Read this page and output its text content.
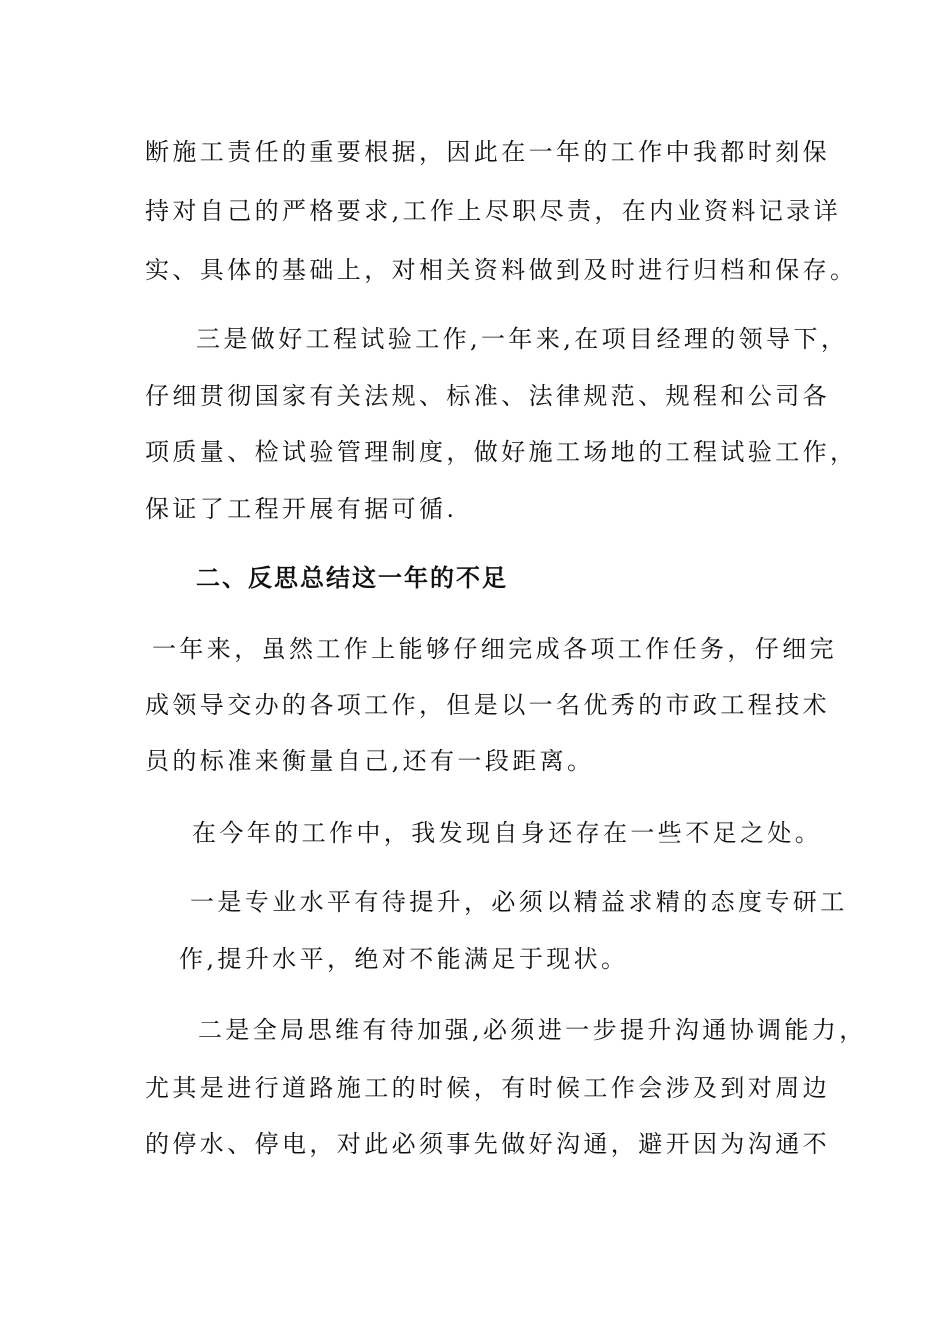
断施工责任的重要根据，因此在一年的工作中我都时刻保
持对自己的严格要求,工作上尽职尽责，在内业资料记录详
实、具体的基础上，对相关资料做到及时进行归档和保存。
三是做好工程试验工作,一年来,在项目经理的领导下，
仔细贯彻国家有关法规、标准、法律规范、规程和公司各
项质量、检试验管理制度，做好施工场地的工程试验工作，
保证了工程开展有据可循.
二、反思总结这一年的不足
一年来，虽然工作上能够仔细完成各项工作任务，仔细完
成领导交办的各项工作，但是以一名优秀的市政工程技术
员的标准来衡量自己,还有一段距离。
在今年的工作中，我发现自身还存在一些不足之处。
一是专业水平有待提升，必须以精益求精的态度专研工
作,提升水平，绝对不能满足于现状。
二是全局思维有待加强,必须进一步提升沟通协调能力，
尤其是进行道路施工的时候，有时候工作会涉及到对周边
的停水、停电，对此必须事先做好沟通，避开因为沟通不
